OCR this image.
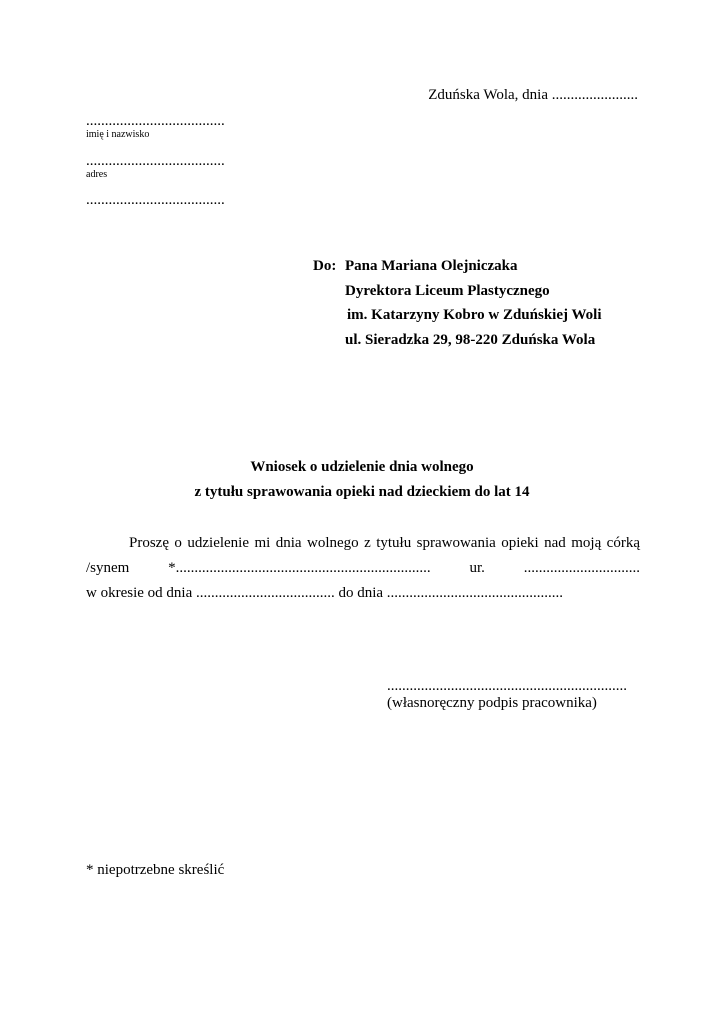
Zduńska Wola, dnia .......................
.....................................
imię i nazwisko
.....................................
adres
.....................................
Do: Pana Mariana Olejniczaka
Dyrektora Liceum Plastycznego
im. Katarzyny Kobro w Zduńskiej Woli
ul. Sieradzka 29, 98-220 Zduńska Wola
Wniosek o udzielenie dnia wolnego
z tytułu sprawowania opieki nad dzieckiem do lat 14
Proszę o udzielenie mi dnia wolnego z tytułu sprawowania opieki nad moją córką
/synem	*....................................................................	ur.	...............................
w okresie od dnia ..................................... do dnia ...............................................
................................................................
(własnoręczny podpis pracownika)
* niepotrzebne skreślić
